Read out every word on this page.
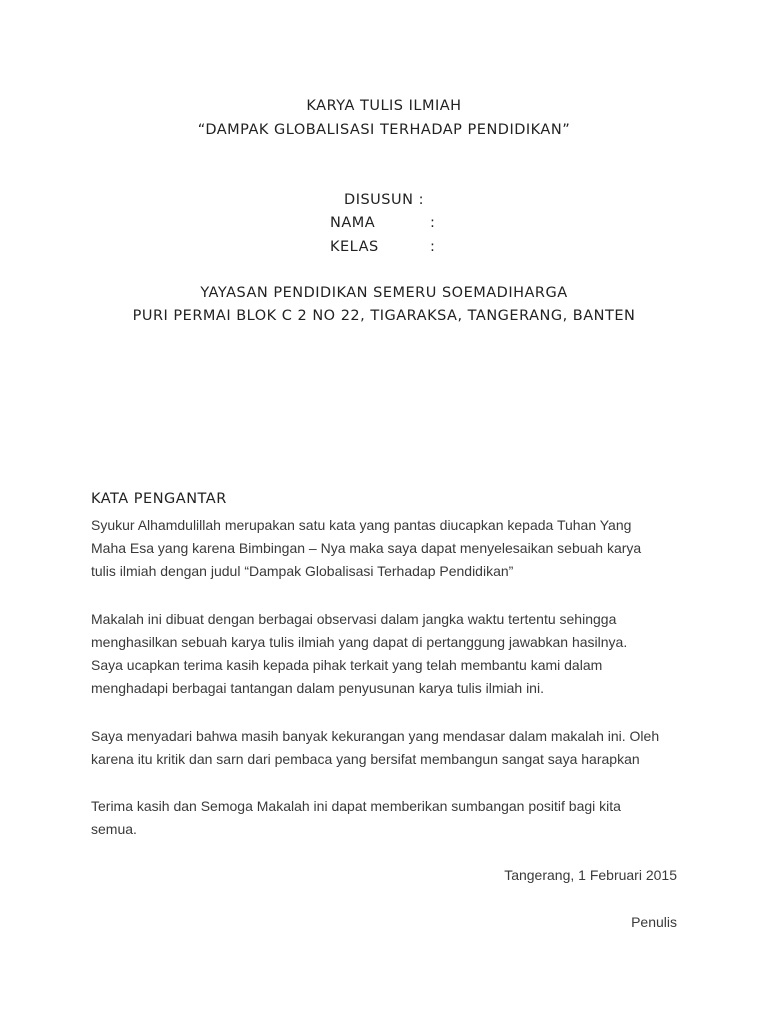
KARYA TULIS ILMIAH
“DAMPAK GLOBALISASI TERHADAP PENDIDIKAN”
DISUSUN :
NAMA	:
KELAS	:
YAYASAN PENDIDIKAN SEMERU SOEMADIHARGA
PURI PERMAI BLOK C 2 NO 22, TIGARAKSA, TANGERANG, BANTEN
KATA PENGANTAR
Syukur Alhamdulillah merupakan satu kata yang pantas diucapkan kepada Tuhan Yang
Maha Esa yang karena Bimbingan – Nya maka saya dapat menyelesaikan sebuah karya
tulis ilmiah dengan judul “Dampak Globalisasi Terhadap Pendidikan”
Makalah ini dibuat dengan berbagai observasi dalam jangka waktu tertentu sehingga
menghasilkan sebuah karya tulis ilmiah yang dapat di pertanggung jawabkan hasilnya.
Saya ucapkan terima kasih kepada pihak terkait yang telah membantu kami dalam
menghadapi berbagai tantangan dalam penyusunan karya tulis ilmiah ini.
Saya menyadari bahwa masih banyak kekurangan yang mendasar dalam makalah ini. Oleh
karena itu kritik dan sarn dari pembaca yang bersifat membangun sangat saya harapkan
Terima kasih dan Semoga Makalah ini dapat memberikan sumbangan positif bagi kita
semua.
Tangerang, 1 Februari 2015
Penulis
